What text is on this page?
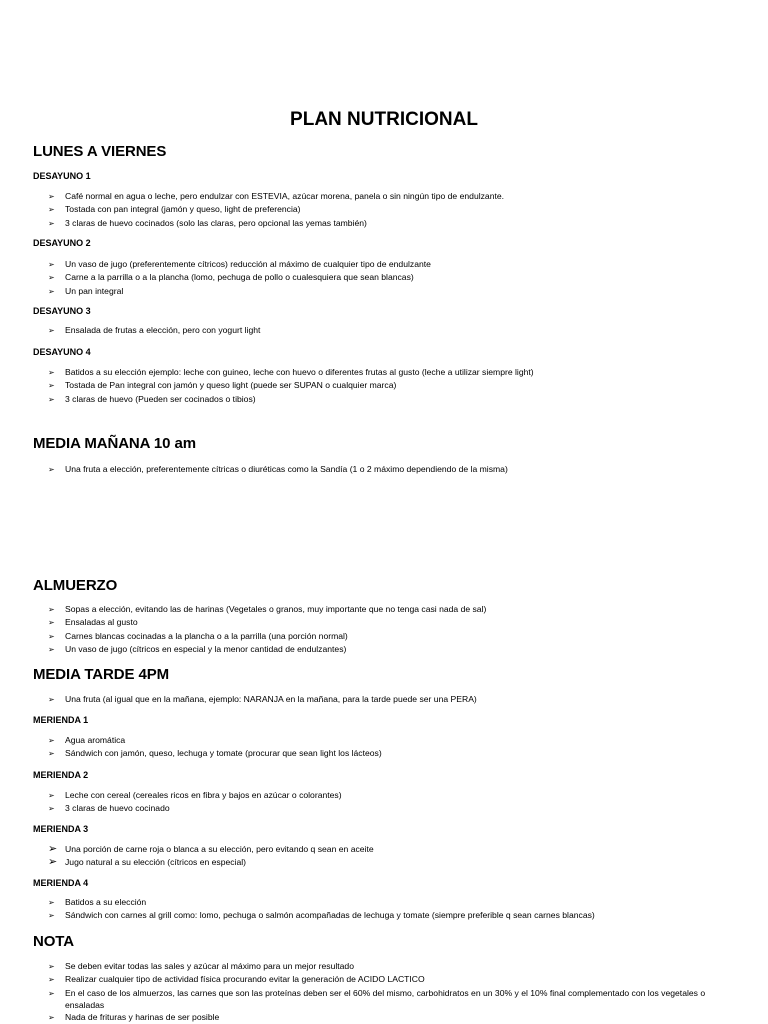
PLAN NUTRICIONAL
LUNES A VIERNES
DESAYUNO 1
➢ Café normal en agua o leche, pero endulzar con ESTEVIA, azúcar morena, panela o sin ningún tipo de endulzante.
➢ Tostada con pan integral (jamón y queso, light de preferencia)
➢ 3 claras de huevo cocinados (solo las claras, pero opcional las yemas también)
DESAYUNO 2
➢ Un vaso de jugo (preferentemente cítricos) reducción al máximo de cualquier tipo de endulzante
➢ Carne a la parrilla o a la plancha (lomo, pechuga de pollo o cualesquiera que sean blancas)
➢ Un pan integral
DESAYUNO 3
➢ Ensalada de frutas a elección, pero con yogurt light
DESAYUNO 4
➢ Batidos a su elección ejemplo: leche con guineo, leche con huevo o diferentes frutas al gusto (leche a utilizar siempre light)
➢ Tostada de Pan integral con jamón y queso light (puede ser SUPAN o cualquier marca)
➢ 3 claras de huevo (Pueden ser cocinados o tibios)
MEDIA MAÑANA 10 am
➢ Una fruta a elección, preferentemente cítricas o diuréticas como la Sandía (1 o 2 máximo dependiendo de la misma)
ALMUERZO
➢ Sopas a elección, evitando las de harinas (Vegetales o granos, muy importante que no tenga casi nada de sal)
➢ Ensaladas al gusto
➢ Carnes blancas cocinadas a la plancha o a la parrilla (una porción normal)
➢ Un vaso de jugo (cítricos en especial y la menor cantidad de endulzantes)
MEDIA TARDE 4PM
➢ Una fruta (al igual que en la mañana, ejemplo: NARANJA en la mañana, para la tarde puede ser una PERA)
MERIENDA 1
➢ Agua aromática
➢ Sándwich con jamón, queso, lechuga y tomate (procurar que sean light los lácteos)
MERIENDA 2
➢ Leche con cereal (cereales ricos en fibra y bajos en azúcar o colorantes)
➢ 3 claras de huevo cocinado
MERIENDA 3
➢ Una porción de carne roja o blanca a su elección, pero evitando q sean en aceite
➢ Jugo natural a su elección (cítricos en especial)
MERIENDA 4
➢ Batidos a su elección
➢ Sándwich con carnes al grill como: lomo, pechuga o salmón acompañadas de lechuga y tomate (siempre preferible q sean carnes blancas)
NOTA
➢ Se deben evitar todas las sales y azúcar al máximo para un mejor resultado
➢ Realizar cualquier tipo de actividad física procurando evitar la generación de ACIDO LACTICO
➢ En el caso de los almuerzos, las carnes que son las proteínas deben ser el 60% del mismo, carbohidratos en un 30% y el 10% final complementado con los vegetales o ensaladas
➢ Nada de frituras y harinas de ser posible
